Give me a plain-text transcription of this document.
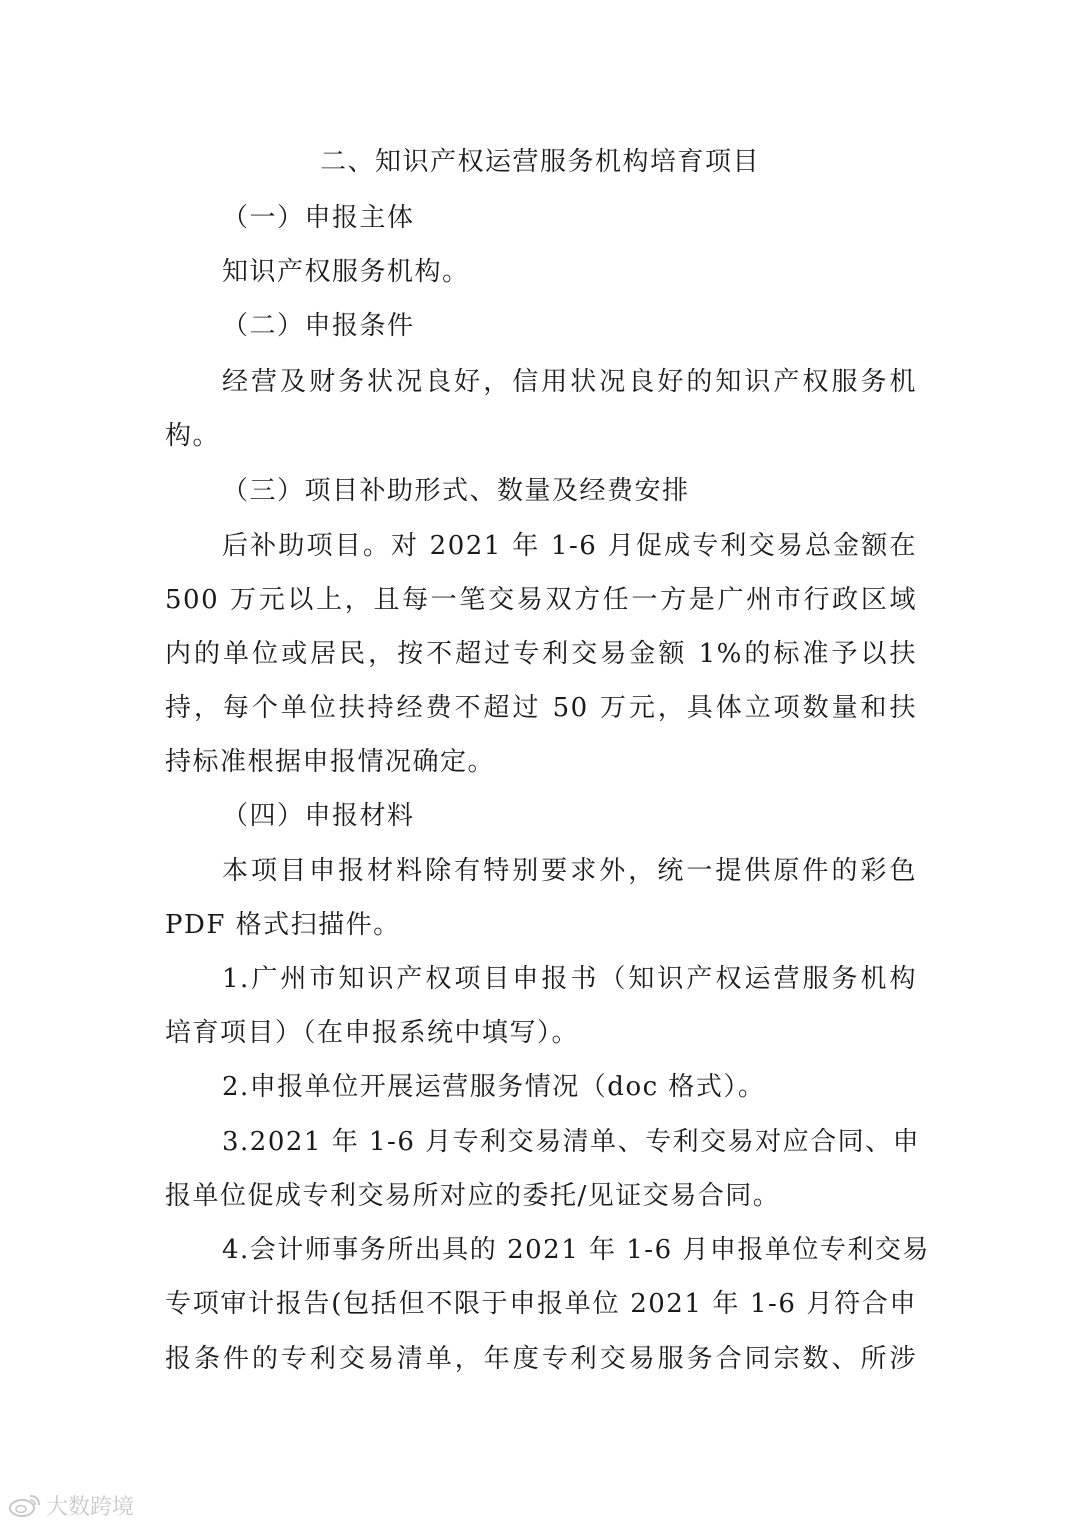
二、知识产权运营服务机构培育项目
（一）申报主体
知识产权服务机构。
（二）申报条件
经营及财务状况良好，信用状况良好的知识产权服务机
构。
（三）项目补助形式、数量及经费安排
后补助项目。对 2021 年 1-6 月促成专利交易总金额在
500 万元以上，且每一笔交易双方任一方是广州市行政区域
内的单位或居民，按不超过专利交易金额 1%的标准予以扶
持，每个单位扶持经费不超过 50 万元，具体立项数量和扶
持标准根据申报情况确定。
（四）申报材料
本项目申报材料除有特别要求外，统一提供原件的彩色
PDF 格式扫描件。
1.广州市知识产权项目申报书（知识产权运营服务机构
培育项目）（在申报系统中填写）。
2.申报单位开展运营服务情况（doc 格式）。
3.2021 年 1-6 月专利交易清单、专利交易对应合同、申
报单位促成专利交易所对应的委托/见证交易合同。
4.会计师事务所出具的 2021 年 1-6 月申报单位专利交易
专项审计报告(包括但不限于申报单位 2021 年 1-6 月符合申
报条件的专利交易清单，年度专利交易服务合同宗数、所涉
大数跨境
